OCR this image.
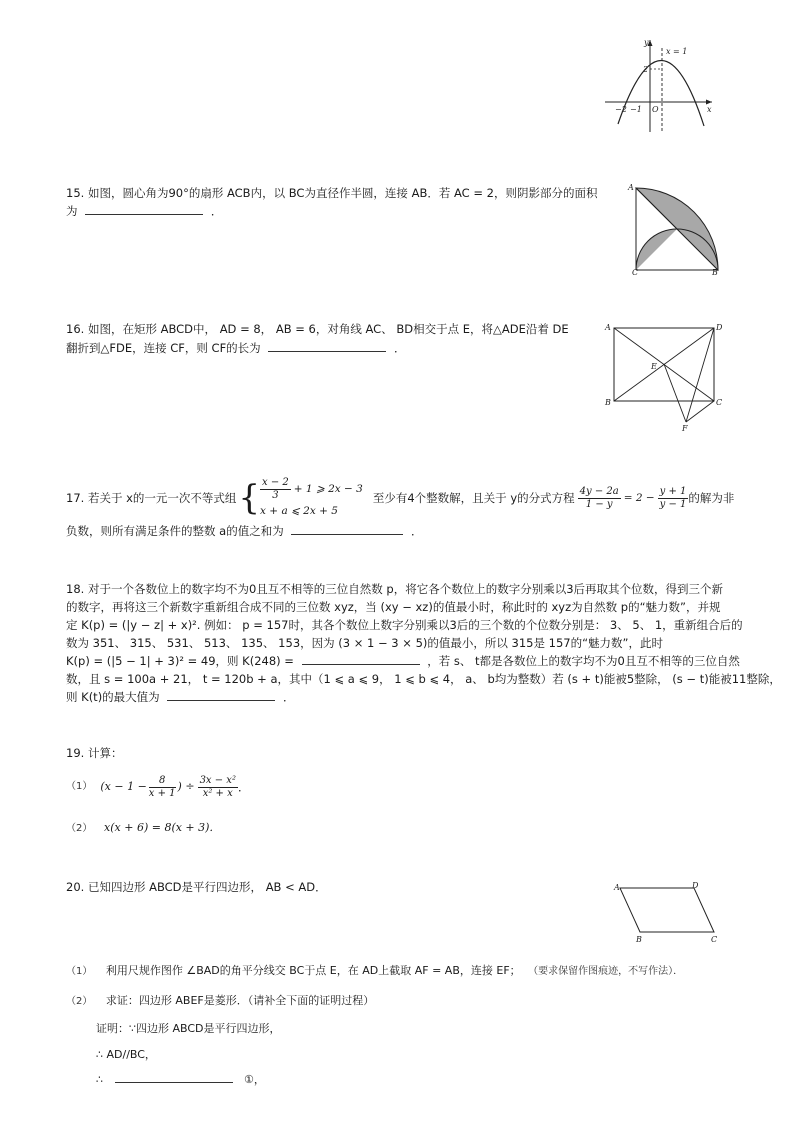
y
x
x = 1
2
−2 −1 O
15. 如图，圆心角为90°的扇形 ACB内，以 BC为直径作半圆，连接 AB．若 AC = 2，则阴影部分的面积
为	．
A
C	B
16. 如图，在矩形 ABCD中， AD = 8， AB = 6，对角线 AC、 BD相交于点 E，将△ADE沿着 DE
翻折到△FDE，连接 CF，则 CF的长为	．
A	D
B	C
E
F
17. 若关于 x的一元一次不等式组 { $\frac{x - 2}{3} + 1$ ⩾ 2x − 3
x + a ⩽ 2x + 5
至少有4个整数解，且关于 y的分式方程 $\frac{4y - 2a}{1 - y} = 2 - \frac{y + 1}{y - 1}$ 的解为非
负数，则所有满足条件的整数 a的值之和为	．
18. 对于一个各数位上的数字均不为0且互不相等的三位自然数 p，将它各个数位上的数字分别乘以3后再取其个位数，得到三个新
的数字，再将这三个新数字重新组合成不同的三位数 xyz，当 (xy − xz)的值最小时，称此时的 xyz为自然数 p的“魅力数”，并规
定 K(p) = (|y − z| + x)². 例如： p = 157时，其各个数位上数字分别乘以3后的三个数的个位数分别是： 3、 5、 1，重新组合后的
数为 351、 315、 531、 513、 135、 153，因为 (3 × 1 − 3 × 5)的值最小，所以 315是 157的“魅力数”，此时
K(p) = (|5 − 1| + 3)² = 49，则 K(248) =	，若 s、 t都是各数位上的数字均不为0且互不相等的三位自然
数，且 s = 100a + 21， t = 120b + a，其中（1 ⩽ a ⩽ 9， 1 ⩽ b ⩽ 4， a、 b均为整数）若 (s + t)能被5整除， (s − t)能被11整除，
则 K(t)的最大值为	．
19. 计算：
（1） ($x - 1 - \frac{8}{x + 1}$ ) ÷ $\frac{\text{3x − x²}}{\text{x² + x}}$ ．
（2） x(x + 6) = 8(x + 3)．
20. 已知四边形 ABCD是平行四边形， AB < AD．	A	D
B	C
（1） 利用尺规作图作 ∠BAD的角平分线交 BC于点 E，在 AD上截取 AF = AB，连接 EF； （要求保留作图痕迹，不写作法）．
（2） 求证：四边形 ABEF是菱形．（请补全下面的证明过程）
证明：∵四边形 ABCD是平行四边形，
∴ AD//BC，
∴	①，
